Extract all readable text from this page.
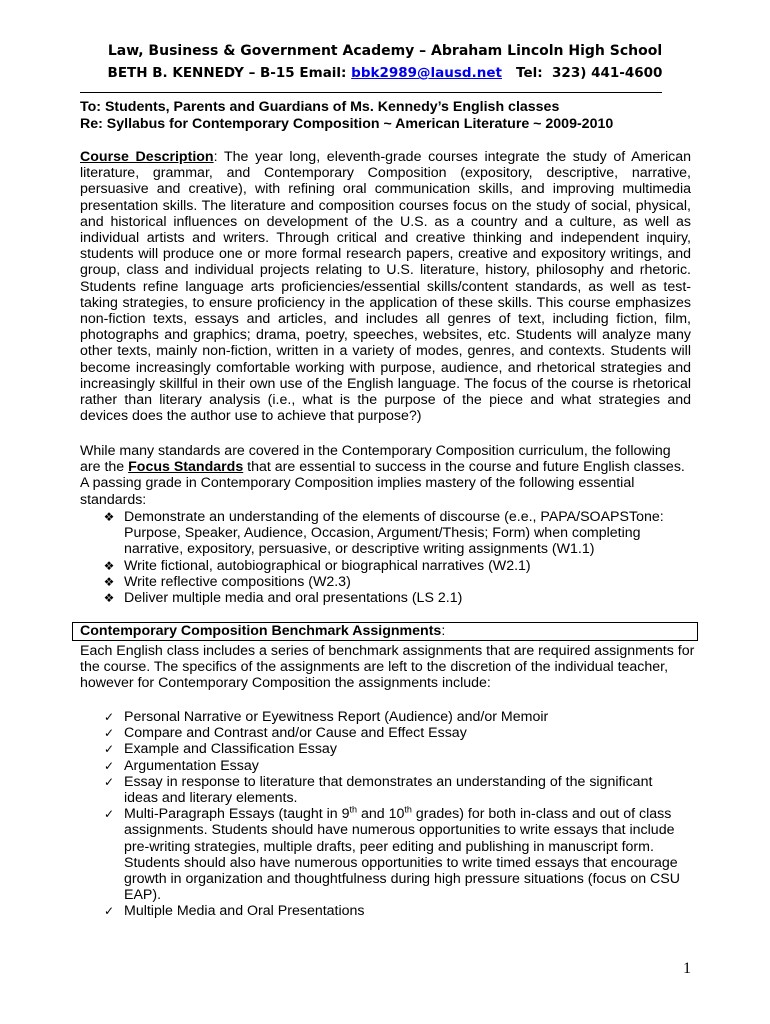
Law, Business & Government Academy – Abraham Lincoln High School
BETH B. KENNEDY – B-15 Email: bbk2989@lausd.net   Tel:  323) 441-4600
To: Students, Parents and Guardians of Ms. Kennedy’s English classes
Re: Syllabus for Contemporary Composition ~ American Literature ~ 2009-2010

Course Description: The year long, eleventh-grade courses integrate the study of American literature, grammar, and Contemporary Composition (expository, descriptive, narrative, persuasive and creative), with refining oral communication skills, and improving multimedia presentation skills. The literature and composition courses focus on the study of social, physical, and historical influences on development of the U.S. as a country and a culture, as well as individual artists and writers. Through critical and creative thinking and independent inquiry, students will produce one or more formal research papers, creative and expository writings, and group, class and individual projects relating to U.S. literature, history, philosophy and rhetoric. Students refine language arts proficiencies/essential skills/content standards, as well as test-taking strategies, to ensure proficiency in the application of these skills. This course emphasizes non-fiction texts, essays and articles, and includes all genres of text, including fiction, film, photographs and graphics; drama, poetry, speeches, websites, etc. Students will analyze many other texts, mainly non-fiction, written in a variety of modes, genres, and contexts. Students will become increasingly comfortable working with purpose, audience, and rhetorical strategies and increasingly skillful in their own use of the English language. The focus of the course is rhetorical rather than literary analysis (i.e., what is the purpose of the piece and what strategies and devices does the author use to achieve that purpose?)

While many standards are covered in the Contemporary Composition curriculum, the following are the Focus Standards that are essential to success in the course and future English classes. A passing grade in Contemporary Composition implies mastery of the following essential standards:

❖ Demonstrate an understanding of the elements of discourse (e.e., PAPA/SOAPSTone: Purpose, Speaker, Audience, Occasion, Argument/Thesis; Form) when completing narrative, expository, persuasive, or descriptive writing assignments (W1.1)
❖ Write fictional, autobiographical or biographical narratives (W2.1)
❖ Write reflective compositions (W2.3)
❖ Deliver multiple media and oral presentations (LS 2.1)
Contemporary Composition Benchmark Assignments:

Each English class includes a series of benchmark assignments that are required assignments for the course. The specifics of the assignments are left to the discretion of the individual teacher, however for Contemporary Composition the assignments include:

✓ Personal Narrative or Eyewitness Report (Audience) and/or Memoir
✓ Compare and Contrast and/or Cause and Effect Essay
✓ Example and Classification Essay
✓ Argumentation Essay
✓ Essay in response to literature that demonstrates an understanding of the significant ideas and literary elements.
✓ Multi-Paragraph Essays (taught in 9th and 10th grades) for both in-class and out of class assignments. Students should have numerous opportunities to write essays that include pre-writing strategies, multiple drafts, peer editing and publishing in manuscript form. Students should also have numerous opportunities to write timed essays that encourage growth in organization and thoughtfulness during high pressure situations (focus on CSU EAP).
✓ Multiple Media and Oral Presentations
1
